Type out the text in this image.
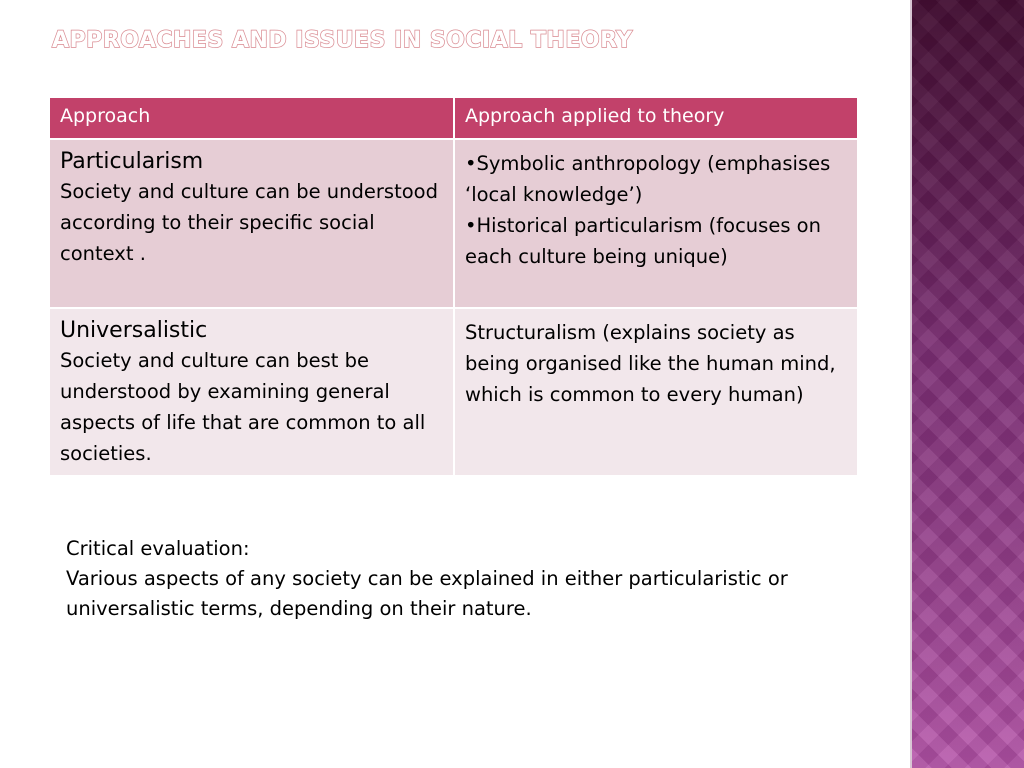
APPROACHES AND ISSUES IN SOCIAL THEORY
Approach	Approach applied to theory

Particularism
Society and culture can be understood according to their specific social context .	•Symbolic anthropology (emphasises ‘local knowledge’)
•Historical particularism (focuses on each culture being unique)

Universalistic
Society and culture can best be understood by examining general aspects of life that are common to all societies.	Structuralism (explains society as being organised like the human mind, which is common to every human)
Critical evaluation:
Various aspects of any society can be explained in either particularistic or universalistic terms, depending on their nature.
